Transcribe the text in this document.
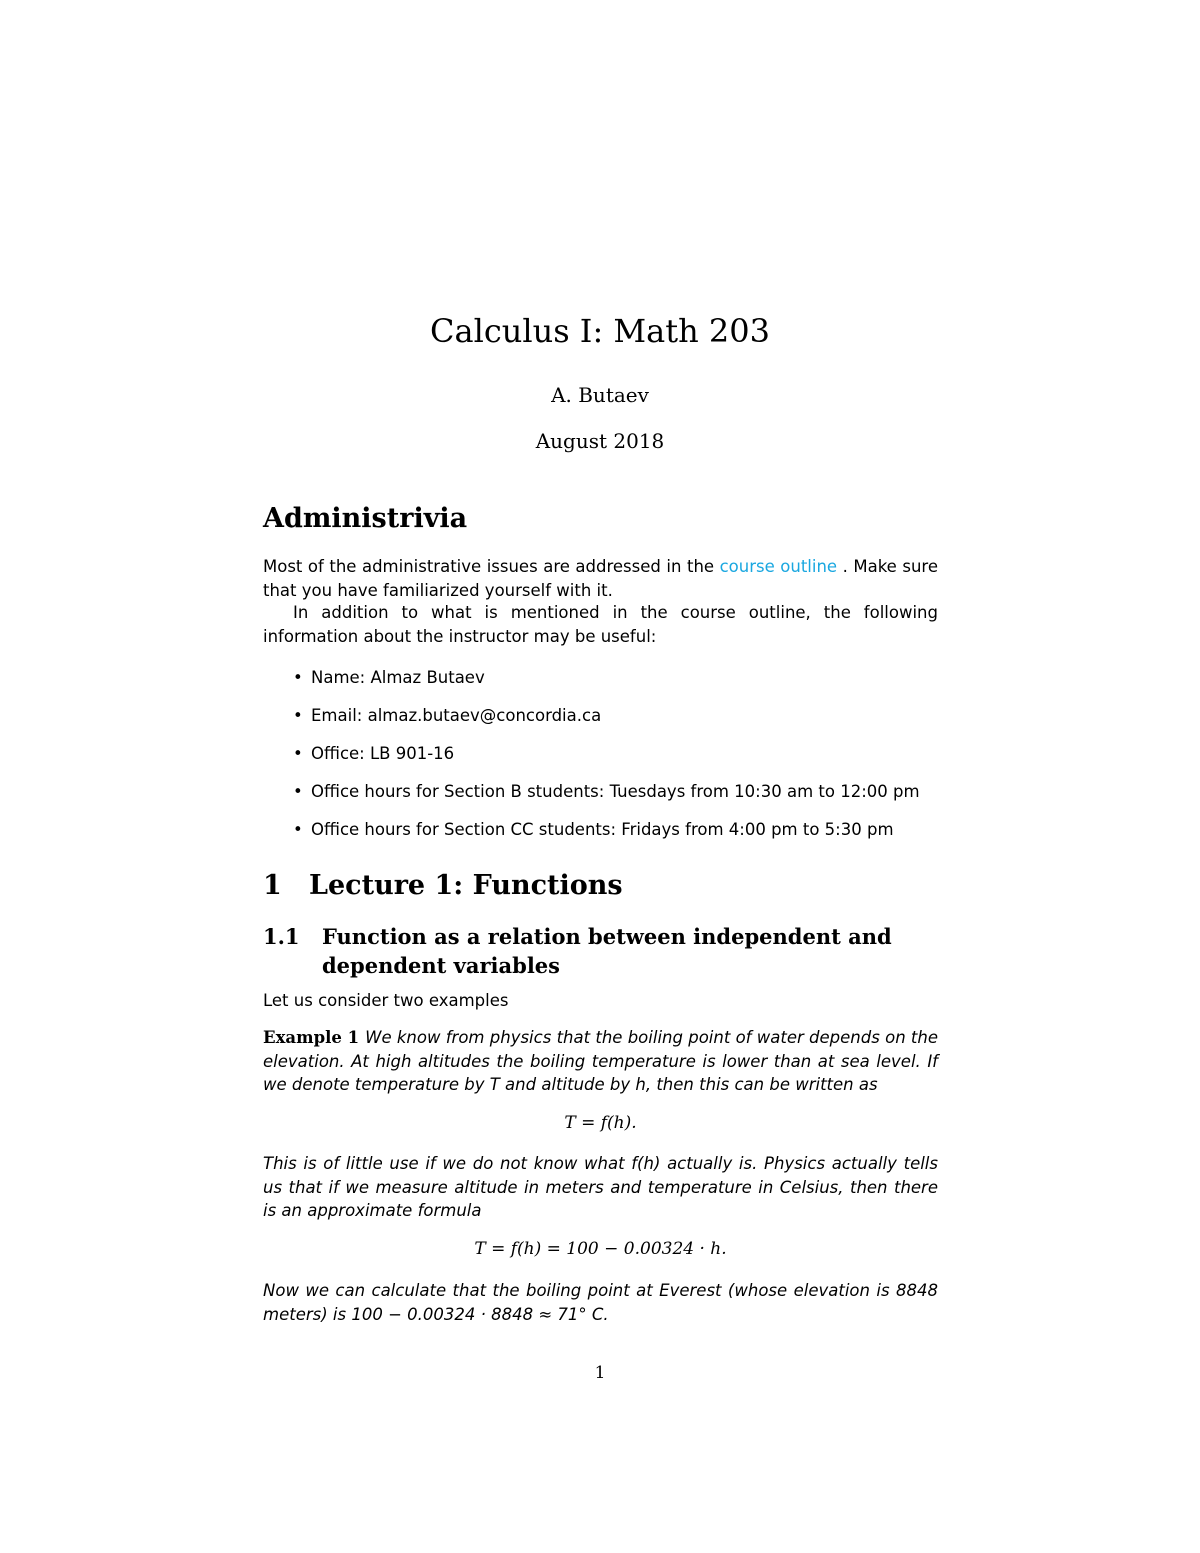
Calculus I: Math 203

A. Butaev

August 2018

Administrivia

Most of the administrative issues are addressed in the course outline . Make sure that you have familiarized yourself with it.

In addition to what is mentioned in the course outline, the following information about the instructor may be useful:

• Name: Almaz Butaev
• Email: almaz.butaev@concordia.ca
• Office: LB 901-16
• Office hours for Section B students: Tuesdays from 10:30 am to 12:00 pm
• Office hours for Section CC students: Fridays from 4:00 pm to 5:30 pm
1 Lecture 1: Functions
1.1 Function as a relation between independent and dependent variables

Let us consider two examples

Example 1 We know from physics that the boiling point of water depends on the elevation. At high altitudes the boiling temperature is lower than at sea level. If we denote temperature by T and altitude by h, then this can be written as

T = f(h).

This is of little use if we do not know what f(h) actually is. Physics actually tells us that if we measure altitude in meters and temperature in Celsius, then there is an approximate formula

T = f(h) = 100 − 0.00324 · h.

Now we can calculate that the boiling point at Everest (whose elevation is 8848 meters) is 100 − 0.00324 · 8848 ≈ 71° C.

1
